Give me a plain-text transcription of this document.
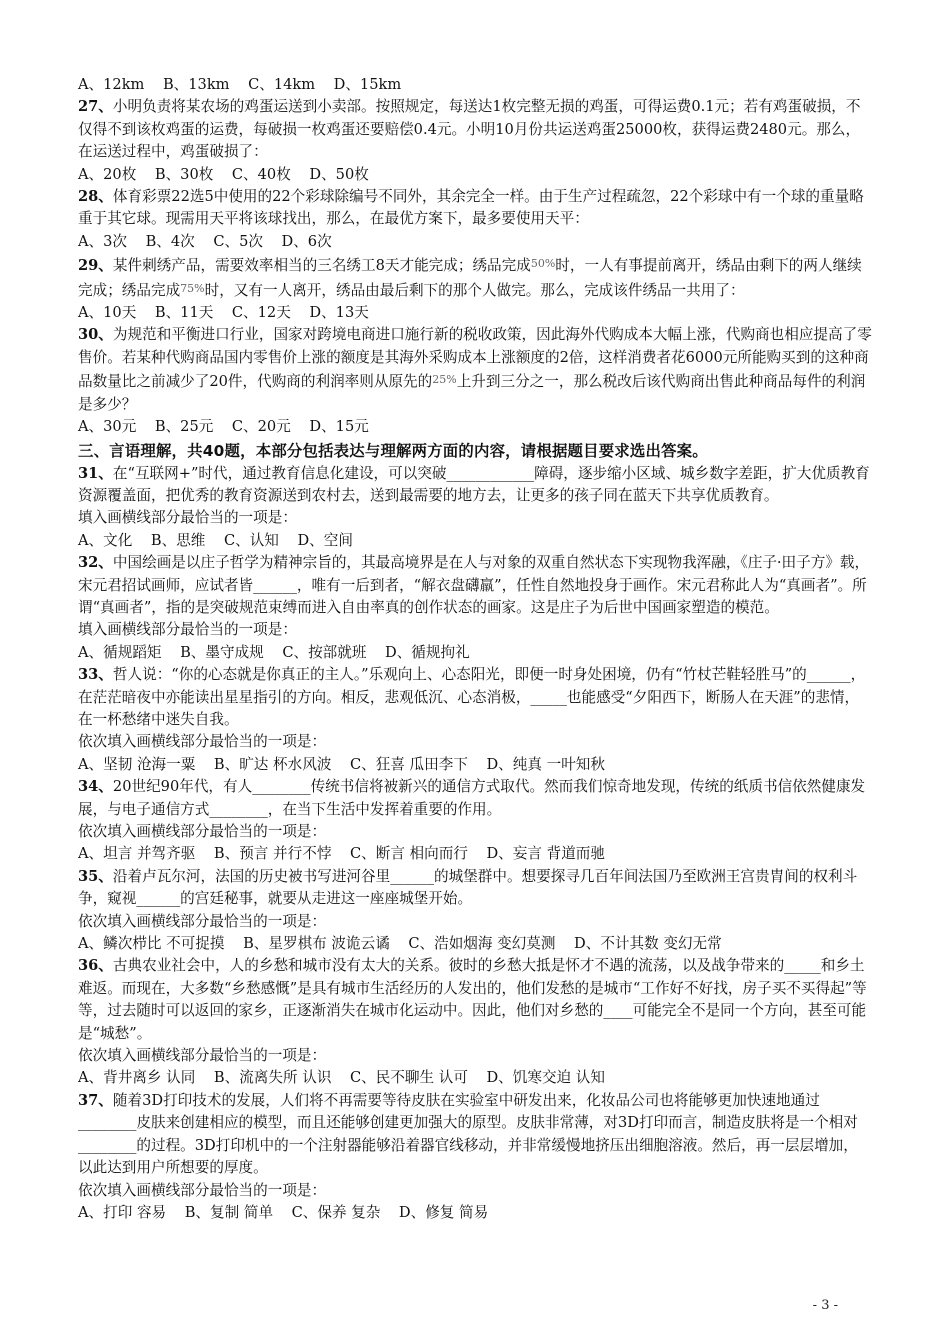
A、12km    B、13km    C、14km    D、15km

27、小明负责将某农场的鸡蛋运送到小卖部。按照规定，每送达1枚完整无损的鸡蛋，可得运费0.1元；若有鸡蛋破损，不仅得不到该枚鸡蛋的运费，每破损一枚鸡蛋还要赔偿0.4元。小明10月份共运送鸡蛋25000枚，获得运费2480元。那么，在运送过程中，鸡蛋破损了：

A、20枚    B、30枚    C、40枚    D、50枚

28、体育彩票22选5中使用的22个彩球除编号不同外，其余完全一样。由于生产过程疏忽，22个彩球中有一个球的重量略重于其它球。现需用天平将该球找出，那么，在最优方案下，最多要使用天平：

A、3次    B、4次    C、5次    D、6次

29、某件刺绣产品，需要效率相当的三名绣工8天才能完成；绣品完成$^{50\%}$时，一人有事提前离开，绣品由剩下的两人继续完成；绣品完成$^{75\%}$时，又有一人离开，绣品由最后剩下的那个人做完。那么，完成该件绣品一共用了：

A、10天    B、11天    C、12天    D、13天

30、为规范和平衡进口行业，国家对跨境电商进口施行新的税收政策，因此海外代购成本大幅上涨，代购商也相应提高了零售价。若某种代购商品国内零售价上涨的额度是其海外采购成本上涨额度的2倍，这样消费者花6000元所能购买到的这种商品数量比之前减少了20件，代购商的利润率则从原先的$^{25\%}$上升到三分之一，那么税改后该代购商出售此种商品每件的利润是多少？

A、30元    B、25元    C、20元    D、15元

三、言语理解，共40题，本部分包括表达与理解两方面的内容，请根据题目要求选出答案。

31、在“互联网+”时代，通过教育信息化建设，可以突破____________障碍，逐步缩小区域、城乡数字差距，扩大优质教育资源覆盖面，把优秀的教育资源送到农村去，送到最需要的地方去，让更多的孩子同在蓝天下共享优质教育。

填入画横线部分最恰当的一项是：

A、文化    B、思维    C、认知    D、空间

32、中国绘画是以庄子哲学为精神宗旨的，其最高境界是在人与对象的双重自然状态下实现物我浑融，《庄子·田子方》载，宋元君招试画师，应试者皆______，唯有一后到者，“解衣盘礴羸”，任性自然地投身于画作。宋元君称此人为“真画者”。所谓“真画者”，指的是突破规范束缚而进入自由率真的创作状态的画家。这是庄子为后世中国画家塑造的模范。

填入画横线部分最恰当的一项是：

A、循规蹈矩    B、墨守成规    C、按部就班    D、循规拘礼

33、哲人说：“你的心态就是你真正的主人。”乐观向上、心态阳光，即便一时身处困境，仍有“竹杖芒鞋轻胜马”的______，在茫茫暗夜中亦能读出星星指引的方向。相反，悲观低沉、心态消极，_____也能感受“夕阳西下，断肠人在天涯”的悲情，在一杯愁绪中迷失自我。

依次填入画横线部分最恰当的一项是：

A、坚韧 沧海一粟    B、旷达 杯水风波    C、狂喜 瓜田李下    D、纯真 一叶知秋

34、20世纪90年代，有人________传统书信将被新兴的通信方式取代。然而我们惊奇地发现，传统的纸质书信依然健康发展，与电子通信方式________，在当下生活中发挥着重要的作用。

依次填入画横线部分最恰当的一项是：

A、坦言 并驾齐驱    B、预言 并行不悖    C、断言 相向而行    D、妄言 背道而驰

35、沿着卢瓦尔河，法国的历史被书写进河谷里______的城堡群中。想要探寻几百年间法国乃至欧洲王宫贵胄间的权利斗争，窥视______的宫廷秘事，就要从走进这一座座城堡开始。

依次填入画横线部分最恰当的一项是：

A、鳞次栉比 不可捉摸    B、星罗棋布 波诡云谲    C、浩如烟海 变幻莫测    D、不计其数 变幻无常

36、古典农业社会中，人的乡愁和城市没有太大的关系。彼时的乡愁大抵是怀才不遇的流荡，以及战争带来的_____和乡土难返。而现在，大多数“乡愁感慨”是具有城市生活经历的人发出的，他们发愁的是城市“工作好不好找，房子买不买得起”等等，过去随时可以返回的家乡，正逐渐消失在城市化运动中。因此，他们对乡愁的____可能完全不是同一个方向，甚至可能是“城愁”。

依次填入画横线部分最恰当的一项是：

A、背井离乡 认同    B、流离失所 认识    C、民不聊生 认可    D、饥寒交迫 认知

37、随着3D打印技术的发展，人们将不再需要等待皮肤在实验室中研发出来，化妆品公司也将能够更加快速地通过________皮肤来创建相应的模型，而且还能够创建更加强大的原型。皮肤非常薄，对3D打印而言，制造皮肤将是一个相对________的过程。3D打印机中的一个注射器能够沿着器官线移动，并非常缓慢地挤压出细胞溶液。然后，再一层层增加，以此达到用户所想要的厚度。

依次填入画横线部分最恰当的一项是：

A、打印 容易    B、复制 简单    C、保养 复杂    D、修复 简易

- 3 -
